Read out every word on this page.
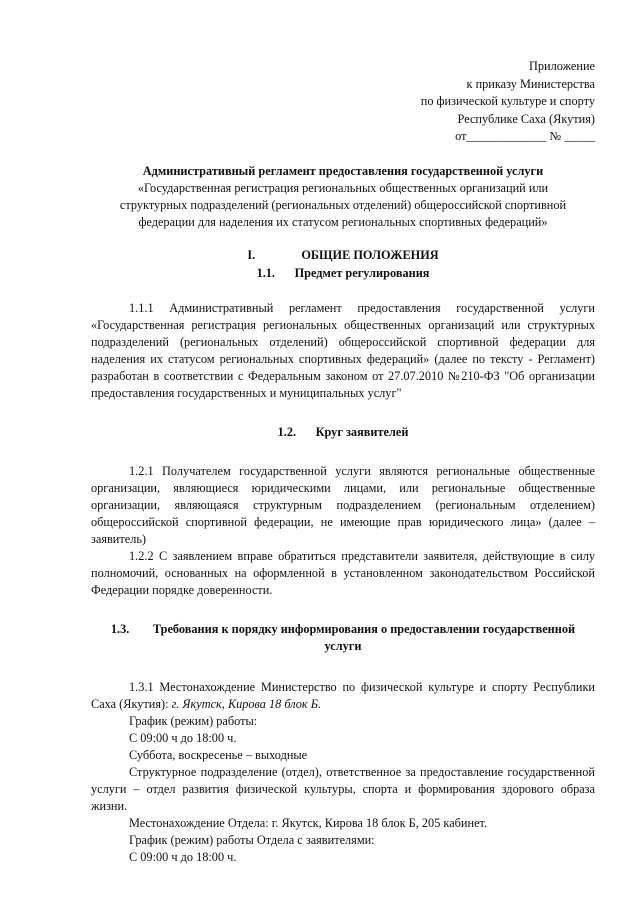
Приложение
к приказу Министерства
по физической культуре и спорту
Республике Саха (Якутия)
от_____________ № _____
Административный регламент предоставления государственной услуги
«Государственная регистрация региональных общественных организаций или
структурных подразделений (региональных отделений) общероссийской спортивной
федерации для наделения их статусом региональных спортивных федераций»
I.	ОБЩИЕ ПОЛОЖЕНИЯ
1.1. Предмет регулирования

1.1.1 Административный регламент предоставления государственной услуги «Государственная регистрация региональных общественных организаций или структурных подразделений (региональных отделений) общероссийской спортивной федерации для наделения их статусом региональных спортивных федераций» (далее по тексту - Регламент) разработан в соответствии с Федеральным законом от 27.07.2010 №210-ФЗ "Об организации предоставления государственных и муниципальных услуг"

1.2. Круг заявителей

1.2.1 Получателем государственной услуги являются региональные общественные организации, являющиеся юридическими лицами, или региональные общественные организации, являющаяся структурным подразделением (региональным отделением) общероссийской спортивной федерации, не имеющие прав юридического лица» (далее – заявитель)

1.2.2 С заявлением вправе обратиться представители заявителя, действующие в силу полномочий, основанных на оформленной в установленном законодательством Российской Федерации порядке доверенности.

1.3. Требования к порядку информирования о предоставлении государственной
услуги

1.3.1 Местонахождение Министерство по физической культуре и спорту Республики Саха (Якутия): г. Якутск, Кирова 18 блок Б.

График (режим) работы:

С 09:00 ч до 18:00 ч.

Суббота, воскресенье – выходные

Структурное подразделение (отдел), ответственное за предоставление государственной услуги – отдел развития физической культуры, спорта и формирования здорового образа жизни.

Местонахождение Отдела: г. Якутск, Кирова 18 блок Б, 205 кабинет.

График (режим) работы Отдела с заявителями:

С 09:00 ч до 18:00 ч.
